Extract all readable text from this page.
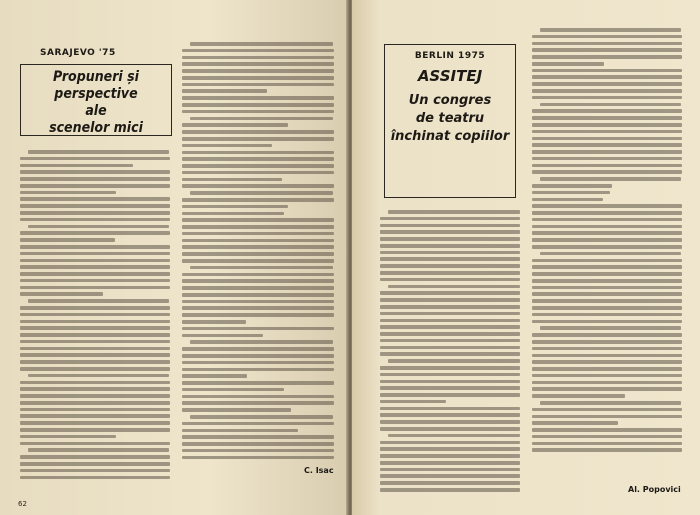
SARAJEVO '75
Propuneri și perspective
ale
scenelor mici
C. Isac
62
BERLIN 1975
ASSITEJ
Un congres
de teatru
închinat copiilor
Al. Popovici
